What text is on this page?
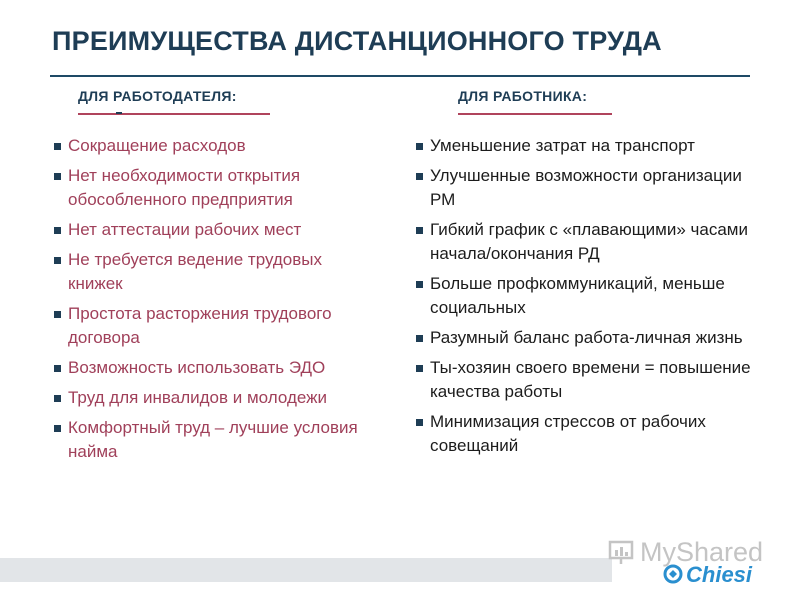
ПРЕИМУЩЕСТВА ДИСТАНЦИОННОГО ТРУДА
ДЛЯ РАБОТОДАТЕЛЯ:	ДЛЯ РАБОТНИКА:
Сокращение расходов
Нет необходимости открытия обособленного предприятия
Нет аттестации рабочих мест
Не требуется ведение трудовых книжек
Простота расторжения трудового договора
Возможность использовать ЭДО
Труд для инвалидов и молодежи
Комфортный труд – лучшие условия найма
Уменьшение затрат на транспорт
Улучшенные возможности организации РМ
Гибкий график с «плавающими» часами начала/окончания РД
Больше профкоммуникаций, меньше социальных
Разумный баланс работа-личная жизнь
Ты-хозяин своего времени = повышение качества работы
Минимизация стрессов от рабочих совещаний
MyShared
Chiesi
